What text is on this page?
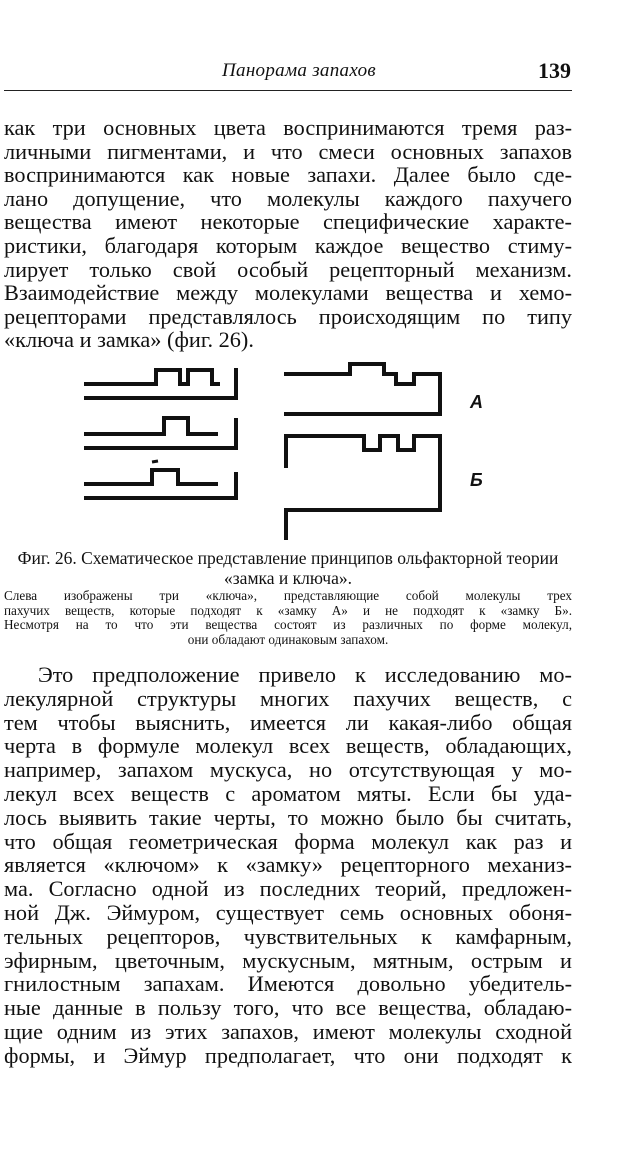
Панорама запахов	139
как три основных цвета воспринимаются тремя раз-
личными пигментами, и что смеси основных запахов
воспринимаются как новые запахи. Далее было сде-
лано допущение, что молекулы каждого пахучего
вещества имеют некоторые специфические характе-
ристики, благодаря которым каждое вещество стиму-
лирует только свой особый рецепторный механизм.
Взаимодействие между молекулами вещества и хемо-
рецепторами представлялось происходящим по типу
«ключа и замка» (фиг. 26).
А
Б
Фиг. 26. Схематическое представление принципов ольфакторной теории «замка и ключа».
Слева изображены три «ключа», представляющие собой молекулы трех
пахучих веществ, которые подходят к «замку А» и не подходят к «замку Б».
Несмотря на то что эти вещества состоят из различных по форме молекул,
они обладают одинаковым запахом.
Это предположение привело к исследованию мо-
лекулярной структуры многих пахучих веществ, с
тем чтобы выяснить, имеется ли какая-либо общая
черта в формуле молекул всех веществ, обладающих,
например, запахом мускуса, но отсутствующая у мо-
лекул всех веществ с ароматом мяты. Если бы уда-
лось выявить такие черты, то можно было бы считать,
что общая геометрическая форма молекул как раз и
является «ключом» к «замку» рецепторного механиз-
ма. Согласно одной из последних теорий, предложен-
ной Дж. Эймуром, существует семь основных обоня-
тельных рецепторов, чувствительных к камфарным,
эфирным, цветочным, мускусным, мятным, острым и
гнилостным запахам. Имеются довольно убедитель-
ные данные в пользу того, что все вещества, обладаю-
щие одним из этих запахов, имеют молекулы сходной
формы, и Эймур предполагает, что они подходят к
